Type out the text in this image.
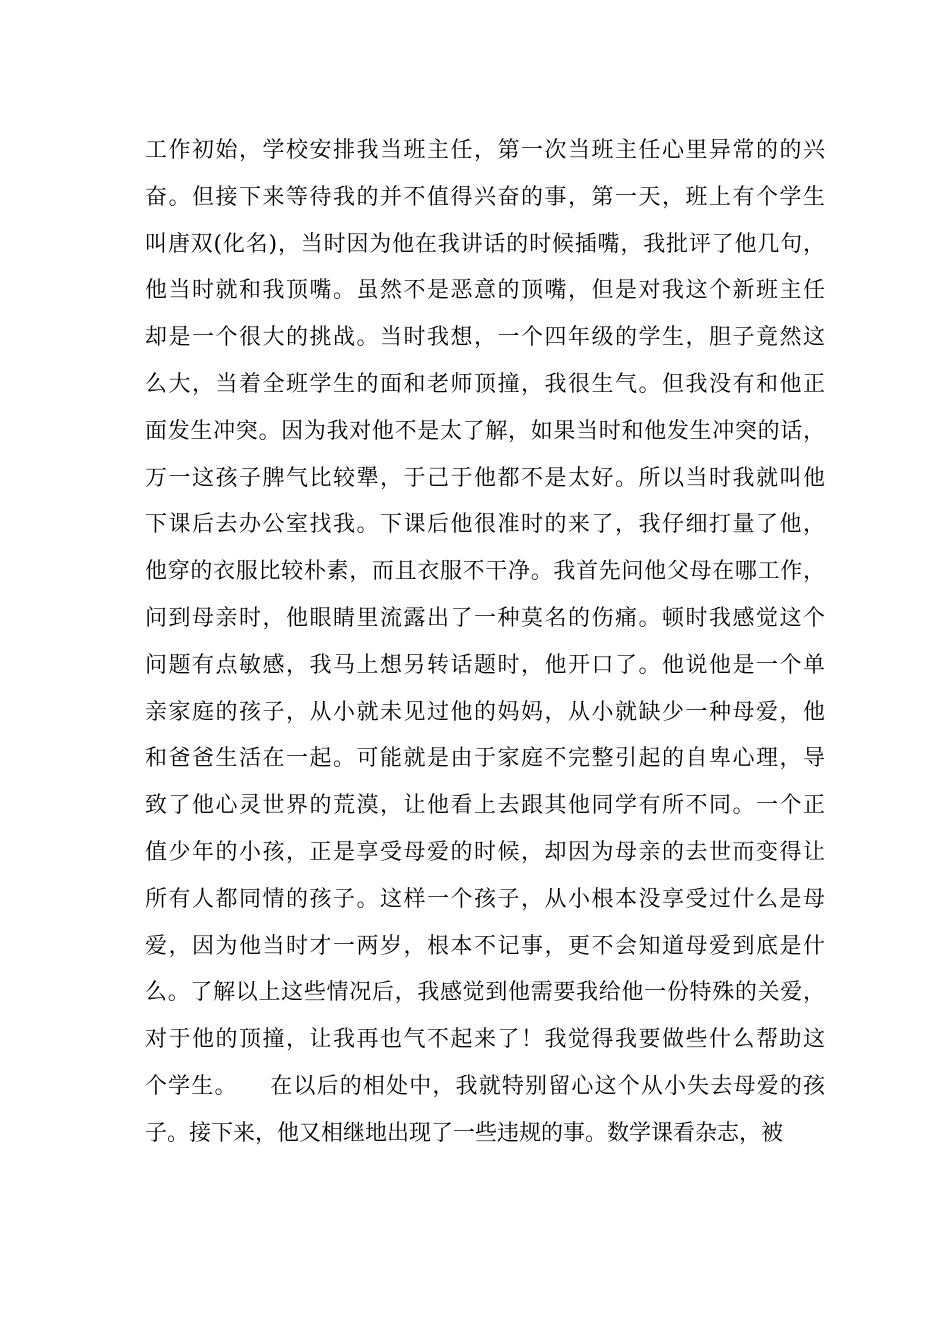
工作初始，学校安排我当班主任，第一次当班主任心里异常的的兴
奋。但接下来等待我的并不值得兴奋的事，第一天，班上有个学生
叫唐双(化名)，当时因为他在我讲话的时候插嘴，我批评了他几句，
他当时就和我顶嘴。虽然不是恶意的顶嘴，但是对我这个新班主任
却是一个很大的挑战。当时我想，一个四年级的学生，胆子竟然这
么大，当着全班学生的面和老师顶撞，我很生气。但我没有和他正
面发生冲突。因为我对他不是太了解，如果当时和他发生冲突的话，
万一这孩子脾气比较犟，于己于他都不是太好。所以当时我就叫他
下课后去办公室找我。下课后他很准时的来了，我仔细打量了他，
他穿的衣服比较朴素，而且衣服不干净。我首先问他父母在哪工作，
问到母亲时，他眼睛里流露出了一种莫名的伤痛。顿时我感觉这个
问题有点敏感，我马上想另转话题时，他开口了。他说他是一个单
亲家庭的孩子，从小就未见过他的妈妈，从小就缺少一种母爱，他
和爸爸生活在一起。可能就是由于家庭不完整引起的自卑心理，导
致了他心灵世界的荒漠，让他看上去跟其他同学有所不同。一个正
值少年的小孩，正是享受母爱的时候，却因为母亲的去世而变得让
所有人都同情的孩子。这样一个孩子，从小根本没享受过什么是母
爱，因为他当时才一两岁，根本不记事，更不会知道母爱到底是什
么。了解以上这些情况后，我感觉到他需要我给他一份特殊的关爱，
对于他的顶撞，让我再也气不起来了！我觉得我要做些什么帮助这
个学生。    在以后的相处中，我就特别留心这个从小失去母爱的孩
子。接下来，他又相继地出现了一些违规的事。数学课看杂志，被
